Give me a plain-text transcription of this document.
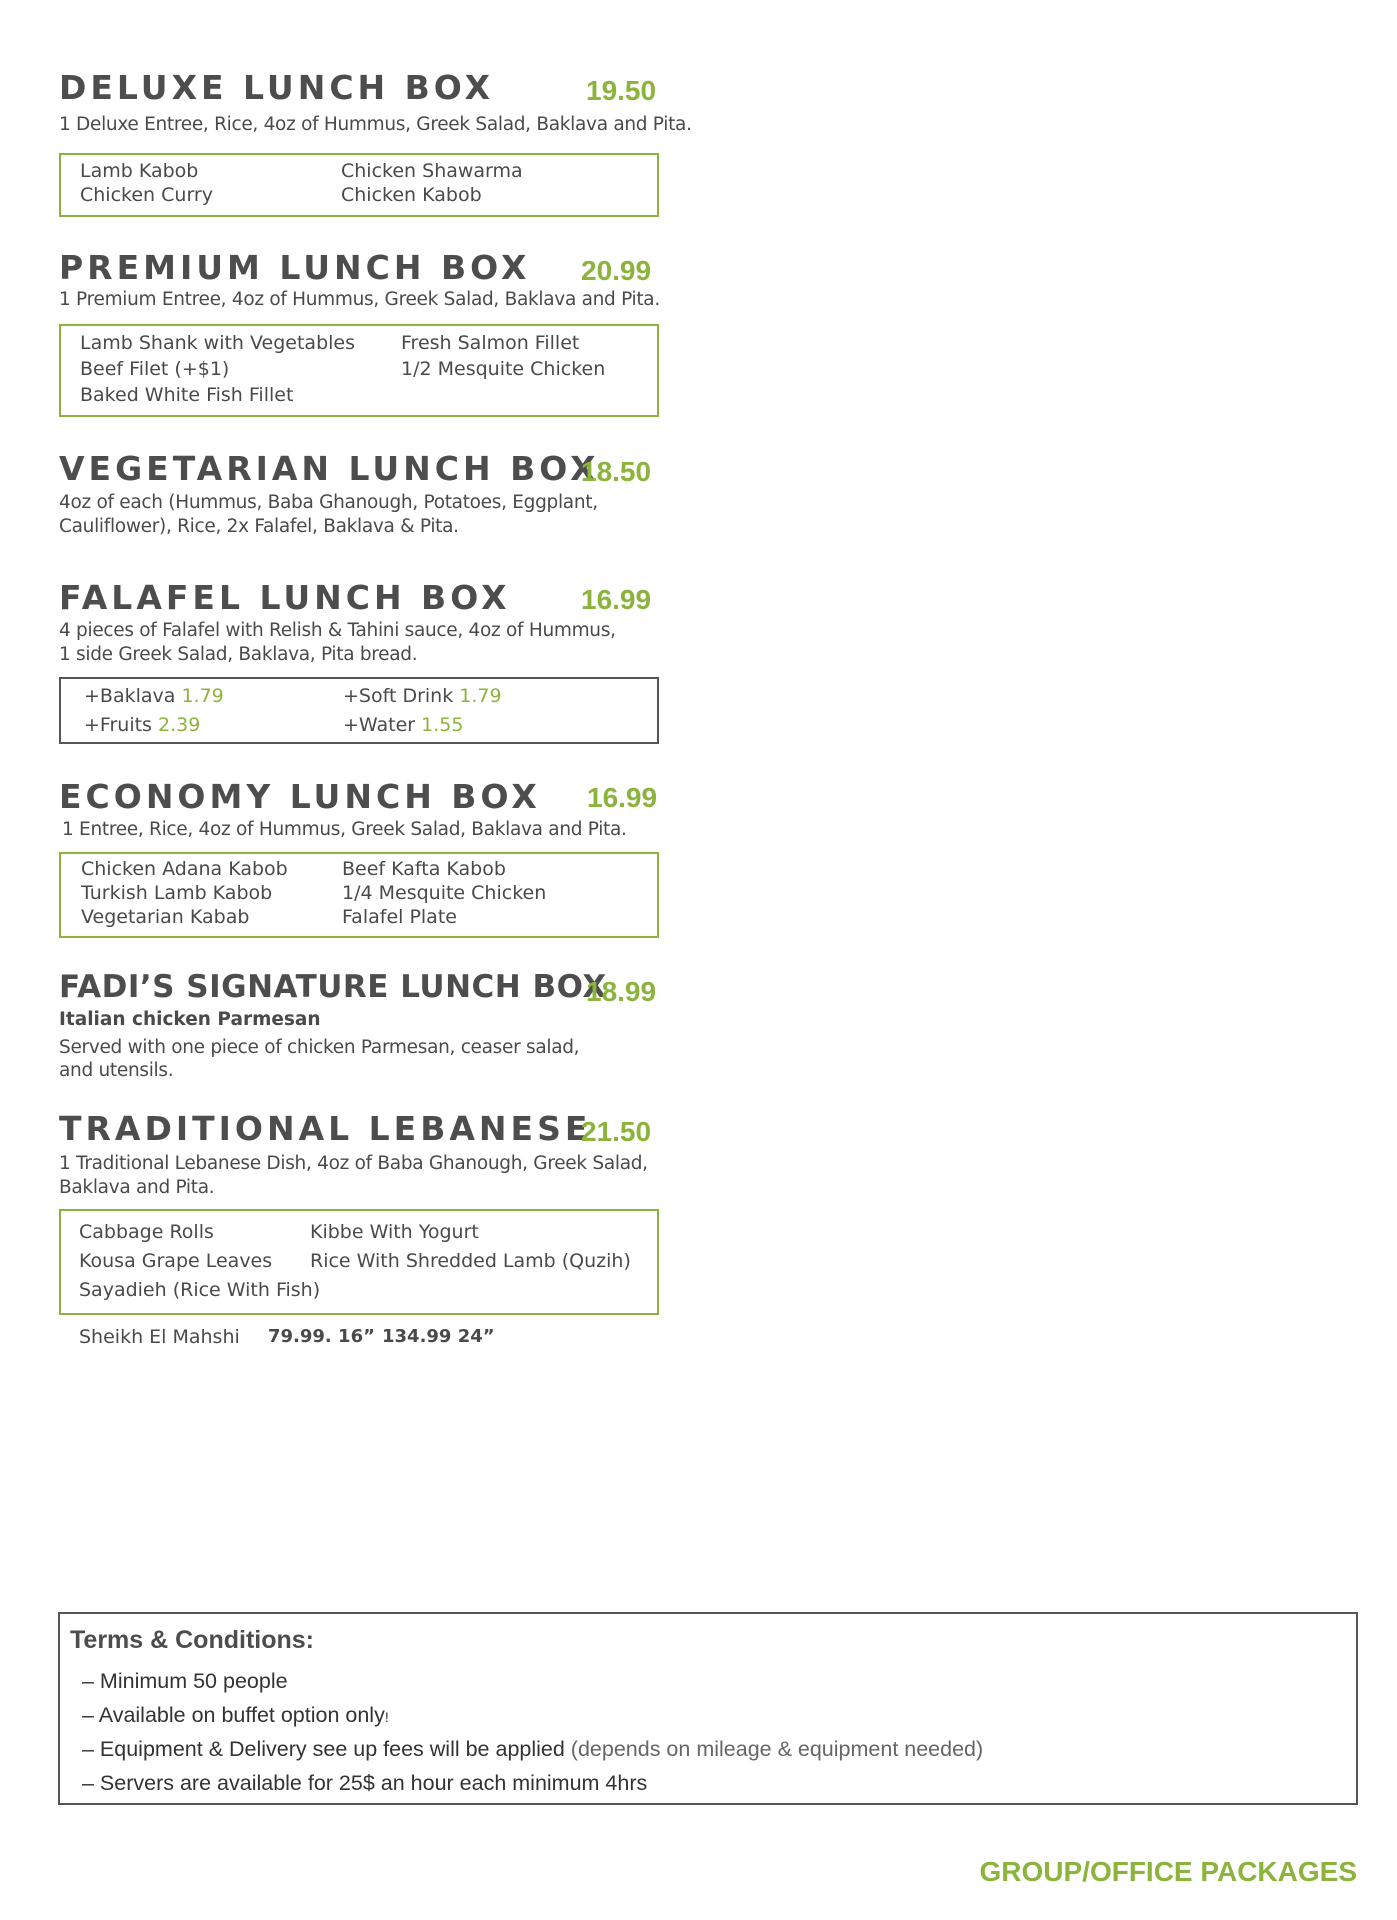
DELUXE LUNCH BOX	19.50
1 Deluxe Entree, Rice, 4oz of Hummus, Greek Salad, Baklava and Pita.
Lamb Kabob
Chicken Curry
Chicken Shawarma
Chicken Kabob
PREMIUM LUNCH BOX 20.99
1 Premium Entree, 4oz of Hummus, Greek Salad, Baklava and Pita.
Lamb Shank with Vegetables
Beef Filet (+$1)
Baked White Fish Fillet
Fresh Salmon Fillet
1/2 Mesquite Chicken
VEGETARIAN LUNCH BOX
18.50
4oz of each (Hummus, Baba Ghanough, Potatoes, Eggplant,
Cauliflower), Rice, 2x Falafel, Baklava & Pita.
FALAFEL LUNCH BOX	16.99
4 pieces of Falafel with Relish & Tahini sauce, 4oz of Hummus,
1 side Greek Salad, Baklava, Pita bread.
+Baklava 1.79
+Fruits 2.39
+Soft Drink 1.79
+Water 1.55
ECONOMY LUNCH BOX 16.99
1 Entree, Rice, 4oz of Hummus, Greek Salad, Baklava and Pita.
Chicken Adana Kabob
Turkish Lamb Kabob
Vegetarian Kabab
Beef Kafta Kabob
1/4 Mesquite Chicken
Falafel Plate
FADI’S SIGNATURE LUNCH BOX
18.99
Italian chicken Parmesan
Served with one piece of chicken Parmesan, ceaser salad,
and utensils.
TRADITIONAL LEBANESE
21.50
1 Traditional Lebanese Dish, 4oz of Baba Ghanough, Greek Salad,
Baklava and Pita.
Cabbage Rolls
Kousa Grape Leaves
Sayadieh (Rice With Fish)
Kibbe With Yogurt
Rice With Shredded Lamb (Quzih)
Sheikh El Mahshi 79.99. 16” 134.99 24”
Terms & Conditions:
– Minimum 50 people
– Available on buffet option only!
– Equipment & Delivery see up fees will be applied (depends on mileage & equipment needed)
– Servers are available for 25$ an hour each minimum 4hrs
GROUP/OFFICE PACKAGES
